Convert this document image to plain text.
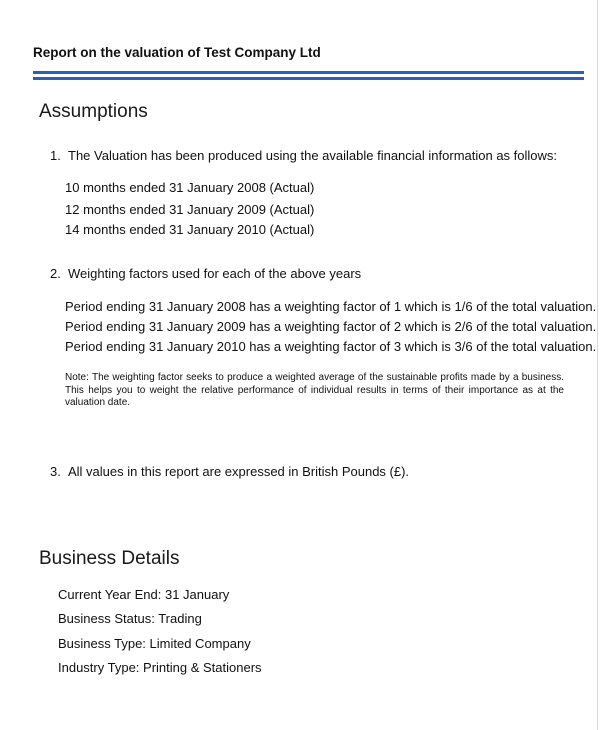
Report on the valuation of Test Company Ltd
Assumptions
1. The Valuation has been produced using the available financial information as follows:
10 months ended 31 January 2008 (Actual)
12 months ended 31 January 2009 (Actual)
14 months ended 31 January 2010 (Actual)
2. Weighting factors used for each of the above years
Period ending 31 January 2008 has a weighting factor of 1 which is 1/6 of the total valuation.
Period ending 31 January 2009 has a weighting factor of 2 which is 2/6 of the total valuation.
Period ending 31 January 2010 has a weighting factor of 3 which is 3/6 of the total valuation.
Note: The weighting factor seeks to produce a weighted average of the sustainable profits made by a business. This helps you to weight the relative performance of individual results in terms of their importance as at the valuation date.
3. All values in this report are expressed in British Pounds (£).
Business Details
Current Year End: 31 January
Business Status: Trading
Business Type: Limited Company
Industry Type: Printing & Stationers
